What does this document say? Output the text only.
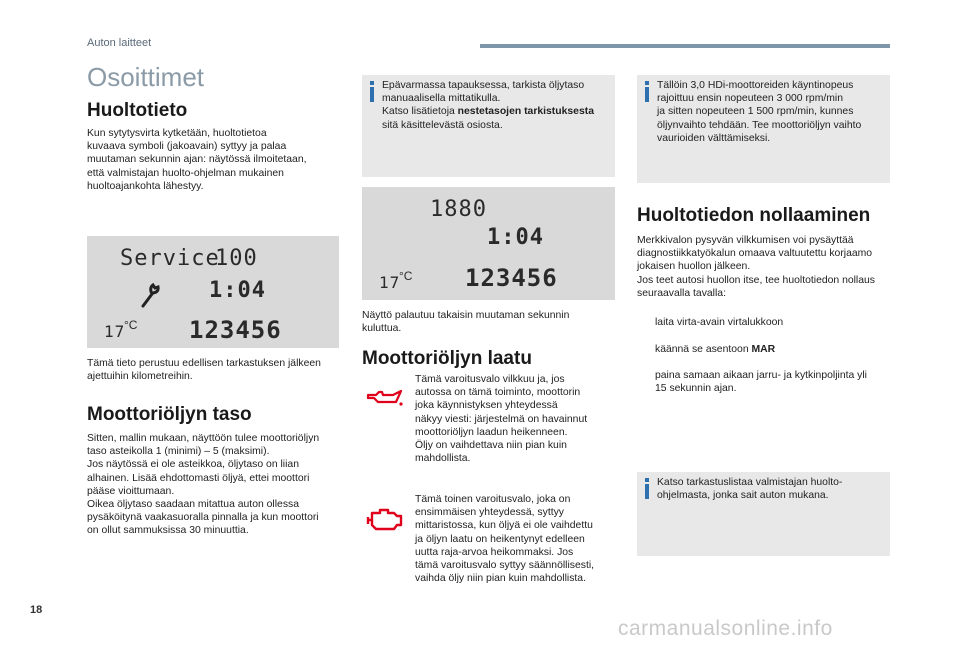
Auton laitteet
Osoittimet
Huoltotieto
Kun sytytysvirta kytketään, huoltotietoa
kuvaava symboli (jakoavain) syttyy ja palaa
muutaman sekunnin ajan: näytössä ilmoitetaan,
että valmistajan huolto-ohjelman mukainen
huoltoajankohta lähestyy.
Service
100
1:04
17
°C 123456
Tämä tieto perustuu edellisen tarkastuksen jälkeen
ajettuihin kilometreihin.
Moottoriöljyn taso
Sitten, mallin mukaan, näyttöön tulee moottoriöljyn
taso asteikolla 1 (minimi) – 5 (maksimi).
Jos näytössä ei ole asteikkoa, öljytaso on liian
alhainen. Lisää ehdottomasti öljyä, ettei moottori
pääse vioittumaan.
Oikea öljytaso saadaan mitattua auton ollessa
pysäköitynä vaakasuoralla pinnalla ja kun moottori
on ollut sammuksissa 30 minuuttia.
Epävarmassa tapauksessa, tarkista öljytaso
manuaalisella mittatikulla.
Katso lisätietoja nestetasojen tarkistuksesta
sitä käsittelevästä osiosta.
1880
1:04
17
°C 123456
Näyttö palautuu takaisin muutaman sekunnin
kuluttua.
Moottoriöljyn laatu
Tämä varoitusvalo vilkkuu ja, jos
autossa on tämä toiminto, moottorin
joka käynnistyksen yhteydessä
näkyy viesti: järjestelmä on havainnut
moottoriöljyn laadun heikenneen.
Öljy on vaihdettava niin pian kuin
mahdollista.
Tämä toinen varoitusvalo, joka on
ensimmäisen yhteydessä, syttyy
mittaristossa, kun öljyä ei ole vaihdettu
ja öljyn laatu on heikentynyt edelleen
uutta raja-arvoa heikommaksi. Jos
tämä varoitusvalo syttyy säännöllisesti,
vaihda öljy niin pian kuin mahdollista.
Tällöin 3,0 HDi-moottoreiden käyntinopeus
rajoittuu ensin nopeuteen 3 000 rpm/min
ja sitten nopeuteen 1 500 rpm/min, kunnes
öljynvaihto tehdään. Tee moottoriöljyn vaihto
vaurioiden välttämiseksi.
Huoltotiedon nollaaminen
Merkkivalon pysyvän vilkkumisen voi pysäyttää
diagnostiikkatyökalun omaava valtuutettu korjaamo
jokaisen huollon jälkeen.
Jos teet autosi huollon itse, tee huoltotiedon nollaus
seuraavalla tavalla:

laita virta-avain virtalukkoon

käännä se asentoon MAR

paina samaan aikaan jarru- ja kytkinpoljinta yli
15 sekunnin ajan.

Katso tarkastuslistaa valmistajan huolto-
ohjelmasta, jonka sait auton mukana.
18
carmanualsonline.info
